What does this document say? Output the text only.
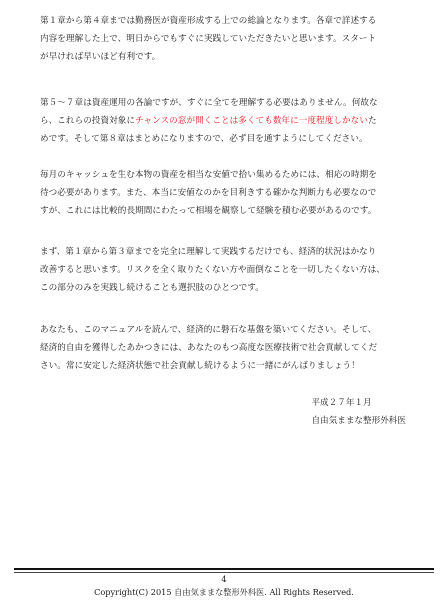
第１章から第４章までは勤務医が資産形成する上での総論となります。各章で詳述する
内容を理解した上で、明日からでもすぐに実践していただきたいと思います。スタート
が早ければ早いほど有利です。

第５～７章は資産運用の各論ですが、すぐに全てを理解する必要はありません。何故な
ら、これらの投資対象にチャンスの窓が開くことは多くても数年に一度程度しかないた
めです。そして第８章はまとめになりますので、必ず目を通すようにしてください。

毎月のキャッシュを生む本物の資産を相当な安値で拾い集めるためには、相応の時期を
待つ必要があります。また、本当に安値なのかを目利きする確かな判断力も必要なので
すが、これには比較的長期間にわたって相場を観察して経験を積む必要があるのです。

まず、第１章から第３章までを完全に理解して実践するだけでも、経済的状況はかなり
改善すると思います。リスクを全く取りたくない方や面倒なことを一切したくない方は、
この部分のみを実践し続けることも選択肢のひとつです。

あなたも、このマニュアルを読んで、経済的に磐石な基盤を築いてください。そして、
経済的自由を獲得したあかつきには、あなたのもつ高度な医療技術で社会貢献してくだ
さい。常に安定した経済状態で社会貢献し続けるように一緒にがんばりましょう！

平成２７年１月
自由気ままな整形外科医
4
Copyright(C) 2015 自由気ままな整形外科医. All Rights Reserved.
